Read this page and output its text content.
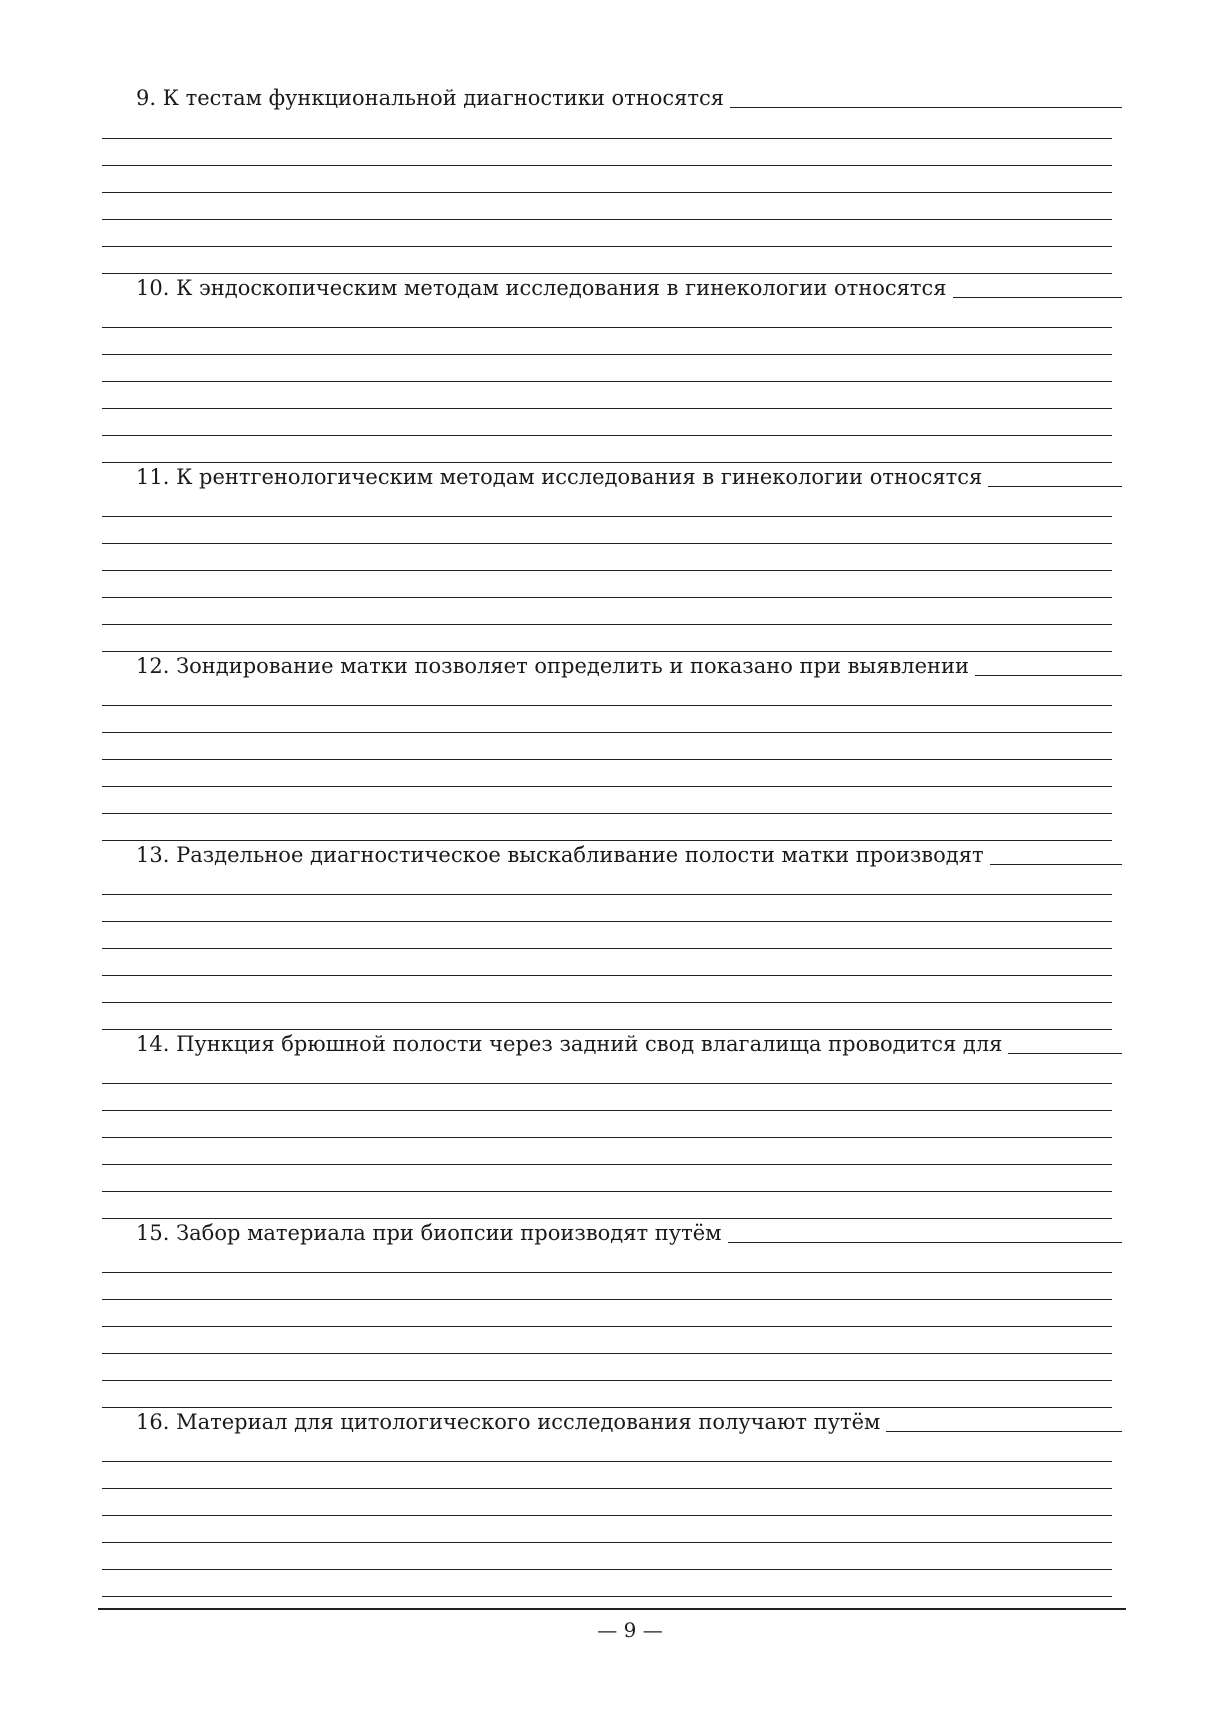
9. К тестам функциональной диагностики относятся
10. К эндоскопическим методам исследования в гинекологии относятся
11. К рентгенологическим методам исследования в гинекологии относятся
12. Зондирование матки позволяет определить и показано при выявлении
13. Раздельное диагностическое выскабливание полости матки производят
14. Пункция брюшной полости через задний свод влагалища проводится для
15. Забор материала при биопсии производят путём
16. Материал для цитологического исследования получают путём
— 9 —
